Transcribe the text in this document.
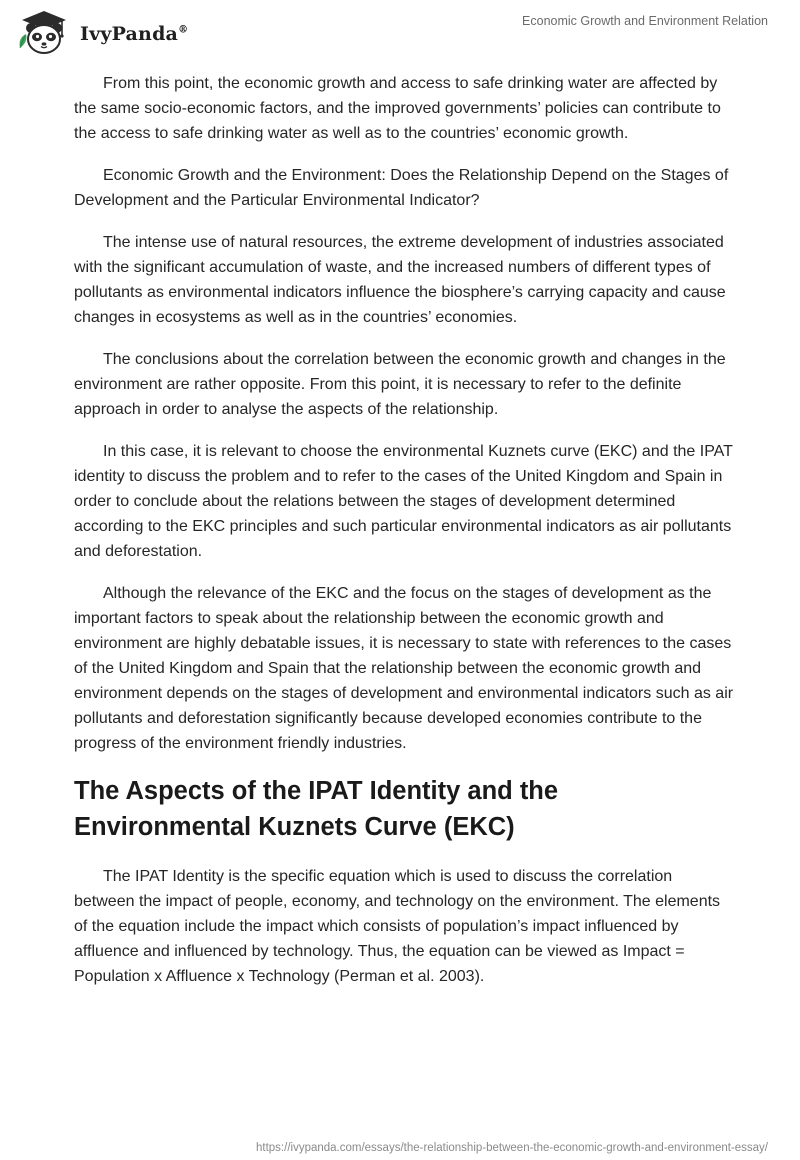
IvyPanda®
Economic Growth and Environment Relation

From this point, the economic growth and access to safe drinking water are affected by the same socio-economic factors, and the improved governments’ policies can contribute to the access to safe drinking water as well as to the countries’ economic growth.

Economic Growth and the Environment: Does the Relationship Depend on the Stages of Development and the Particular Environmental Indicator?

The intense use of natural resources, the extreme development of industries associated with the significant accumulation of waste, and the increased numbers of different types of pollutants as environmental indicators influence the biosphere’s carrying capacity and cause changes in ecosystems as well as in the countries’ economies.

The conclusions about the correlation between the economic growth and changes in the environment are rather opposite. From this point, it is necessary to refer to the definite approach in order to analyse the aspects of the relationship.

In this case, it is relevant to choose the environmental Kuznets curve (EKC) and the IPAT identity to discuss the problem and to refer to the cases of the United Kingdom and Spain in order to conclude about the relations between the stages of development determined according to the EKC principles and such particular environmental indicators as air pollutants and deforestation.

Although the relevance of the EKC and the focus on the stages of development as the important factors to speak about the relationship between the economic growth and environment are highly debatable issues, it is necessary to state with references to the cases of the United Kingdom and Spain that the relationship between the economic growth and environment depends on the stages of development and environmental indicators such as air pollutants and deforestation significantly because developed economies contribute to the progress of the environment friendly industries.

The Aspects of the IPAT Identity and the Environmental Kuznets Curve (EKC)

The IPAT Identity is the specific equation which is used to discuss the correlation between the impact of people, economy, and technology on the environment. The elements of the equation include the impact which consists of population’s impact influenced by affluence and influenced by technology. Thus, the equation can be viewed as Impact = Population x Affluence x Technology (Perman et al. 2003).

https://ivypanda.com/essays/the-relationship-between-the-economic-growth-and-environment-essay/
